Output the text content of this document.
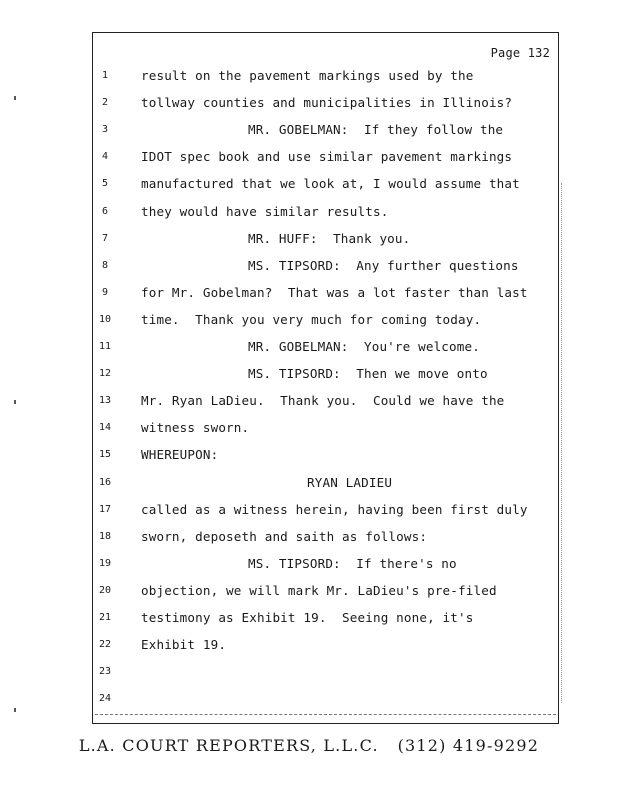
Page 132
1	result on the pavement markings used by the
2	tollway counties and municipalities in Illinois?
3	MR. GOBELMAN:  If they follow the
4	IDOT spec book and use similar pavement markings
5	manufactured that we look at, I would assume that
6	they would have similar results.
7	MR. HUFF:  Thank you.
8	MS. TIPSORD:  Any further questions
9	for Mr. Gobelman?  That was a lot faster than last
10 time.  Thank you very much for coming today.
11	MR. GOBELMAN:  You're welcome.
12	MS. TIPSORD:  Then we move onto
13 Mr. Ryan LaDieu.  Thank you.  Could we have the
14 witness sworn.
15 WHEREUPON:
16	RYAN LADIEU
17 called as a witness herein, having been first duly
18 sworn, deposeth and saith as follows:
19	MS. TIPSORD:  If there's no
20 objection, we will mark Mr. LaDieu's pre-filed
21 testimony as Exhibit 19.  Seeing none, it's
22 Exhibit 19.
23
24
L.A. COURT REPORTERS, L.L.C.   (312) 419-9292
